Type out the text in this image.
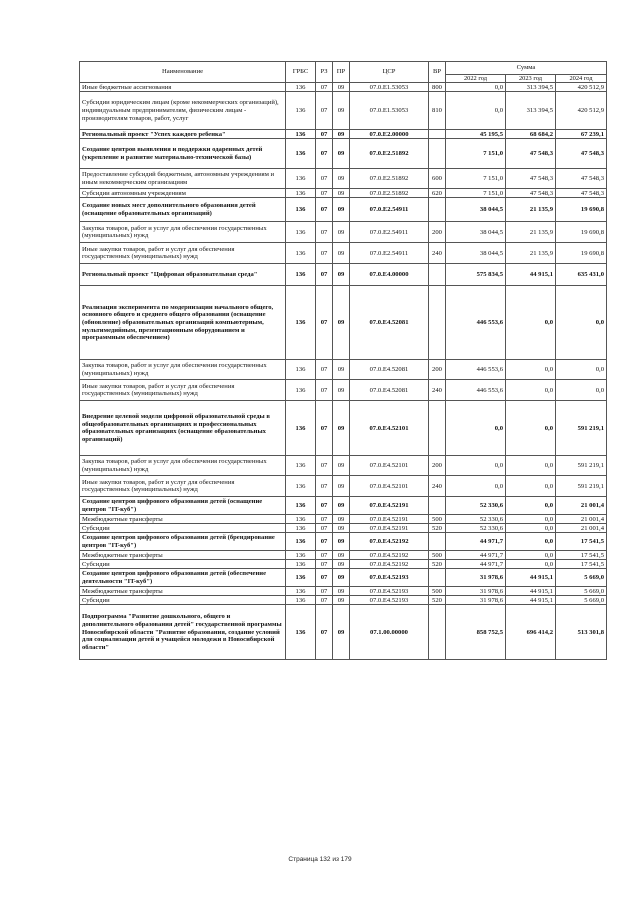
Наименование	ГРБС	РЗ	ПР	ЦСР	ВР	Сумма		
						2022 год	2023 год	2024 год
Иные бюджетные ассигнования	136	07	09	07.0.E1.53053	800	0,0	313 394,5	420 512,9
Субсидии юридическим лицам (кроме некоммерческих организаций), индивидуальным предпринимателям, физическим лицам - производителям товаров, работ, услуг	136	07	09	07.0.E1.53053	810	0,0	313 394,5	420 512,9
Региональный проект "Успех каждого ребенка"	136	07	09	07.0.E2.00000		45 195,5	68 684,2	67 239,1
Создание центров выявления и поддержки одаренных детей (укрепление и развитие материально-технической базы)	136	07	09	07.0.E2.51892		7 151,0	47 548,3	47 548,3
Предоставление субсидий бюджетным, автономным учреждениям и иным некоммерческим организациям	136	07	09	07.0.E2.51892	600	7 151,0	47 548,3	47 548,3
Субсидии автономным учреждениям	136	07	09	07.0.E2.51892	620	7 151,0	47 548,3	47 548,3
Создание новых мест дополнительного образования детей (оснащение образовательных организаций)	136	07	09	07.0.E2.54911		38 044,5	21 135,9	19 690,8
Закупка товаров, работ и услуг для обеспечения государственных (муниципальных) нужд	136	07	09	07.0.E2.54911	200	38 044,5	21 135,9	19 690,8
Иные закупки товаров, работ и услуг для обеспечения государственных (муниципальных) нужд	136	07	09	07.0.E2.54911	240	38 044,5	21 135,9	19 690,8
Региональный проект "Цифровая образовательная среда"	136	07	09	07.0.E4.00000		575 834,5	44 915,1	635 431,0
Реализация эксперимента по модернизации начального общего, основного общего и среднего общего образования (оснащение (обновление) образовательных организаций компьютерным, мультимедийным, презентационным оборудованием и программным обеспечением)	136	07	09	07.0.E4.52081		446 553,6	0,0	0,0
Закупка товаров, работ и услуг для обеспечения государственных (муниципальных) нужд	136	07	09	07.0.E4.52081	200	446 553,6	0,0	0,0
Иные закупки товаров, работ и услуг для обеспечения государственных (муниципальных) нужд	136	07	09	07.0.E4.52081	240	446 553,6	0,0	0,0
Внедрение целевой модели цифровой образовательной среды в общеобразовательных организациях и профессиональных образовательных организациях (оснащение образовательных организаций)	136	07	09	07.0.E4.52101		0,0	0,0	591 219,1
Закупка товаров, работ и услуг для обеспечения государственных (муниципальных) нужд	136	07	09	07.0.E4.52101	200	0,0	0,0	591 219,1
Иные закупки товаров, работ и услуг для обеспечения государственных (муниципальных) нужд	136	07	09	07.0.E4.52101	240	0,0	0,0	591 219,1
Создание центров цифрового образования детей (оснащение центров "IT-куб")	136	07	09	07.0.E4.52191		52 330,6	0,0	21 001,4
Межбюджетные трансферты	136	07	09	07.0.E4.52191	500	52 330,6	0,0	21 001,4
Субсидии	136	07	09	07.0.E4.52191	520	52 330,6	0,0	21 001,4
Создание центров цифрового образования детей (брендирование центров "IT-куб")	136	07	09	07.0.E4.52192		44 971,7	0,0	17 541,5
Межбюджетные трансферты	136	07	09	07.0.E4.52192	500	44 971,7	0,0	17 541,5
Субсидии	136	07	09	07.0.E4.52192	520	44 971,7	0,0	17 541,5
Создание центров цифрового образования детей (обеспечение деятельности "IT-куб")	136	07	09	07.0.E4.52193		31 978,6	44 915,1	5 669,0
Межбюджетные трансферты	136	07	09	07.0.E4.52193	500	31 978,6	44 915,1	5 669,0
Субсидии	136	07	09	07.0.E4.52193	520	31 978,6	44 915,1	5 669,0
Подпрограмма "Развитие дошкольного, общего и дополнительного образования детей" государственной программы Новосибирской области "Развитие образования, создание условий для социализации детей и учащейся молодежи в Новосибирской области"	136	07	09	07.1.00.00000		858 752,5	696 414,2	513 301,8
Страница 132 из 179
